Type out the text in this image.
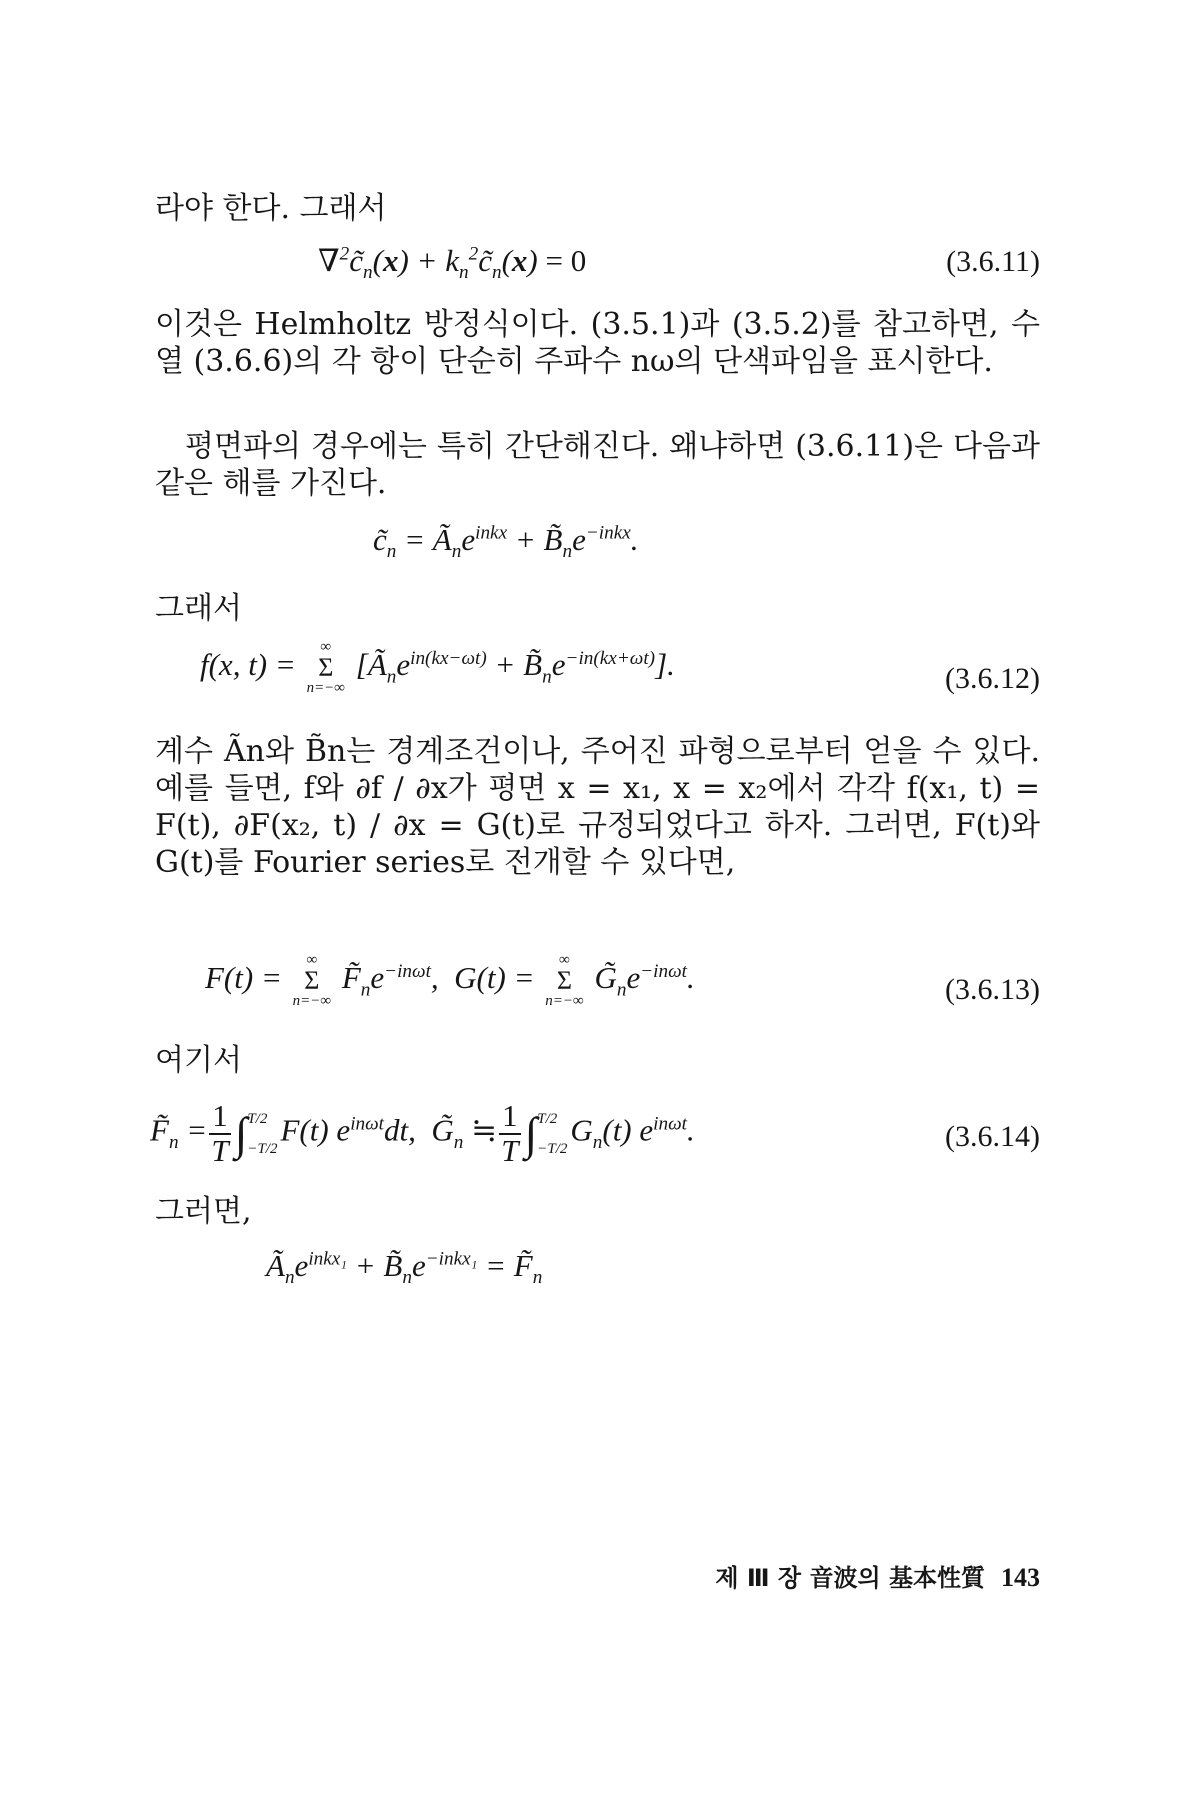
라야 한다. 그래서

$\nabla^2c̃_n(x)$ + $k_n^2c̃_n(x) = 0$	(3.6.11)

이것은 Helmholtz 방정식이다. (3.5.1)과 (3.5.2)를 참고하면, 수열 (3.6.6)의 각 항이 단순히 주파수 nω의 단색파임을 표시한다.

평면파의 경우에는 특히 간단해진다. 왜냐하면 (3.6.11)은 다음과 같은 해를 가진다.

$c̃_n$ = $Ã_ne^{inkx}$ + $B̃_ne^{-inkx}$.

그래서

f(x, t) =
∞
Σ
n=−∞
[$Ã_ne^{in(kx-\omega t)}$ + $B̃_ne^{-in(kx+\omega t)}$].	(3.6.12)

계수 Ãn와 B̃n는 경계조건이나, 주어진 파형으로부터 얻을 수 있다. 예를 들면, f와 ∂f / ∂x가 평면 x = x₁, x = x₂에서 각각 f(x₁, t) = F(t), ∂F(x₂, t) / ∂x = G(t)로 규정되었다고 하자. 그러면, F(t)와 G(t)를 Fourier series로 전개할 수 있다면,

F(t) =
∞
Σ
n=−∞
$F̃_ne^{-in\omega t}$,  G(t) =
∞
Σ
n=−∞
$G̃_ne^{-in\omega t}$.	(3.6.13)

여기서

$F̃_n = \frac{1}{T}$ ∫ T/2
−T/2
F(t) $e^{in\omega t}dt$,  $G̃_n$ ≒ $\frac{1}{T}$ ∫ T/2
−T/2
$G_n(t)$ $e^{in\omega t}$.	(3.6.14)

그러면,

$Ã_ne^{inkx_1}$ + $B̃_ne^{-inkx_1}$ = $F̃_n$
제 Ⅲ 장 音波의 基本性質 143
